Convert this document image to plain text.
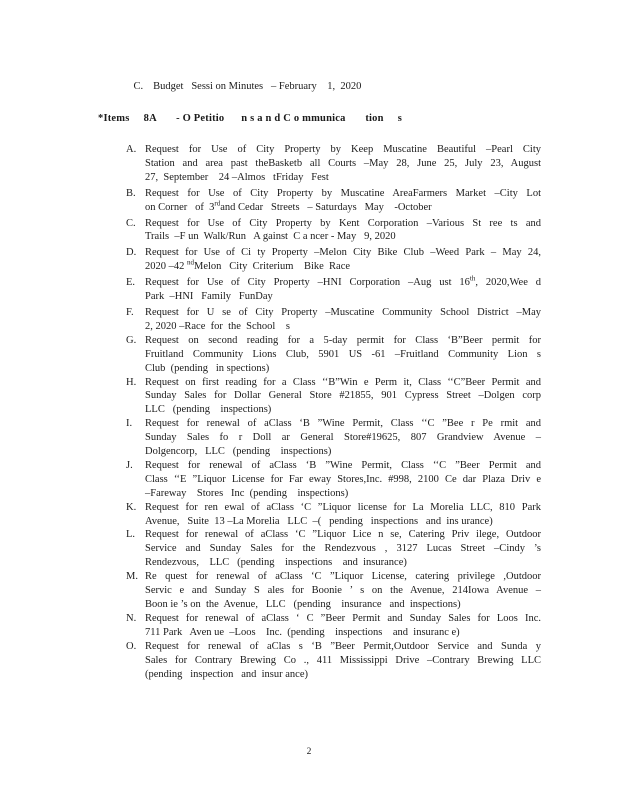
C. Budget   Sessi on Minutes   – February    1,  2020

*Items     8A       - O Petitio      n s a n d C o mmunica       tion     s
A. Request for Use of City Property by Keep Muscatine Beautiful –Pearl City
Station and area past theBasketb all Courts –May 28, June 25, July 23, August
27,  September    24 –Almos   tFriday   Fest
B. Request for Use of City Property by Muscatine AreaFarmers Market –City Lot
on Corner   of  3rdand Cedar   Streets   – Saturdays   May    -October
C. Request for Use of City Property by Kent Corporation –Various St ree ts and
Trails  –F un  Walk/Run   A gainst  C a ncer - May   9, 2020
D. Request for Use of Ci ty Property –Melon City Bike Club –Weed Park – May 24,
2020 –42 $^{nd}$Melon   City  Criterium    Bike  Race
E. Request for Use of City Property –HNI Corporation –Aug ust 16th, 2020,Wee d
Park  –HNI   Family   FunDay
F. Request for U se of City Property –Muscatine Community School District –May
2, 2020 –Race  for  the  School    s
G. Request on second reading for a 5-day permit for Class ‘B”Beer permit for
Fruitland Community Lions Club, 5901 US -61 –Fruitland Community Lion s
Club  (pending   in spections)
H. Request on first reading for a Class ‘‘B”Win e Perm it, Class ‘‘C”Beer Permit and
Sunday Sales for Dollar General Store #21855, 901 Cypress Street –Dolgen corp
LLC   (pending    inspections)
I. Request for renewal of aClass ‘B ”Wine Permit, Class ‘‘C ”Bee r Pe rmit and
Sunday Sales fo r Doll ar General Store#19625, 807 Grandview Avenue –
Dolgencorp,   LLC   (pending    inspections)
J. Request for renewal of aClass ‘B ”Wine Permit, Class ‘‘C ”Beer Permit and
Class ‘‘E ”Liquor License for Far eway Stores,Inc. #998, 2100 Ce dar Plaza Driv e
–Fareway    Stores   Inc  (pending    inspections)
K. Request for ren ewal of aClass ‘C ”Liquor license for La Morelia LLC, 810 Park
Avenue,   Suite  13 –La Morelia   LLC  –(   pending   inspections   and  ins urance)
L. Request for renewal of aClass ‘C ”Liquor Lice n se, Catering Priv ilege, Outdoor
Service and Sunday Sales for the Rendezvous , 3127 Lucas Street –Cindy ’s
Rendezvous,    LLC   (pending    inspections    and  insurance)
M. Re quest for renewal of aClass ‘C ”Liquor License, catering privilege ,Outdoor
Servic e and Sunday S ales for Boonie ’ s on the Avenue, 214Iowa Avenue –
Boon ie ’s on  the  Avenue,   LLC   (pending    insurance   and  inspections)
N. Request for renewal of aClass ‘ C ”Beer Permit and Sunday Sales for Loos Inc.
711 Park   Aven ue  –Loos    Inc.  (pending    inspections    and  insuranc e)
O. Request for renewal of aClas s ‘B ”Beer Permit,Outdoor Service and Sunda y
Sales for Contrary Brewing Co ., 411 Mississippi Drive –Contrary Brewing LLC
(pending   inspection   and  insur ance)
2
